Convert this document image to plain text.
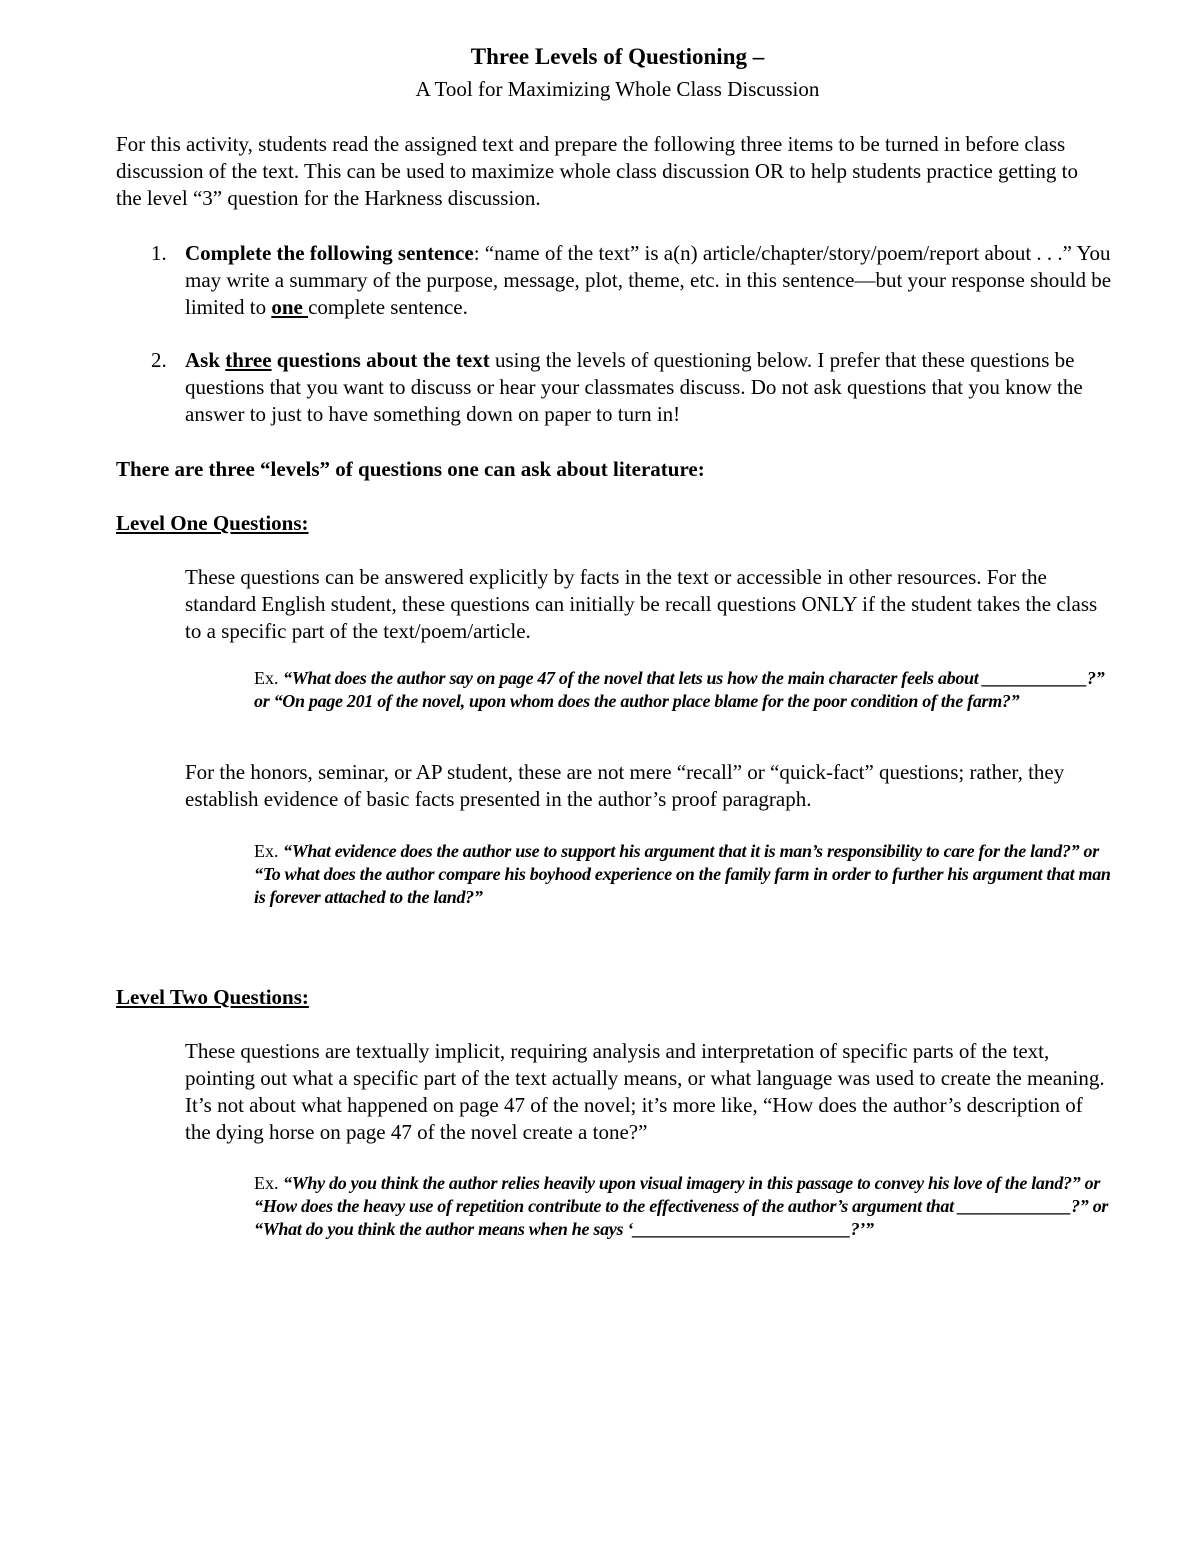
Three Levels of Questioning –
A Tool for Maximizing Whole Class Discussion
For this activity, students read the assigned text and prepare the following three items to be turned in before class discussion of the text. This can be used to maximize whole class discussion OR to help students practice getting to the level “3” question for the Harkness discussion.
1. Complete the following sentence: “name of the text” is a(n) article/chapter/story/poem/report about . . .” You may write a summary of the purpose, message, plot, theme, etc. in this sentence—but your response should be limited to one complete sentence.
2. Ask three questions about the text using the levels of questioning below. I prefer that these questions be questions that you want to discuss or hear your classmates discuss. Do not ask questions that you know the answer to just to have something down on paper to turn in!
There are three “levels” of questions one can ask about literature:
Level One Questions:
These questions can be answered explicitly by facts in the text or accessible in other resources. For the standard English student, these questions can initially be recall questions ONLY if the student takes the class to a specific part of the text/poem/article.
Ex. “What does the author say on page 47 of the novel that lets us how the main character feels about ____________?” or “On page 201 of the novel, upon whom does the author place blame for the poor condition of the farm?”
For the honors, seminar, or AP student, these are not mere “recall” or “quick-fact” questions; rather, they establish evidence of basic facts presented in the author’s proof paragraph.
Ex. “What evidence does the author use to support his argument that it is man’s responsibility to care for the land?” or “To what does the author compare his boyhood experience on the family farm in order to further his argument that man is forever attached to the land?”
Level Two Questions:
These questions are textually implicit, requiring analysis and interpretation of specific parts of the text, pointing out what a specific part of the text actually means, or what language was used to create the meaning. It’s not about what happened on page 47 of the novel; it’s more like, “How does the author’s description of the dying horse on page 47 of the novel create a tone?”
Ex. “Why do you think the author relies heavily upon visual imagery in this passage to convey his love of the land?” or “How does the heavy use of repetition contribute to the effectiveness of the author’s argument that _____________?” or “What do you think the author means when he says ‘_________________________?’”
